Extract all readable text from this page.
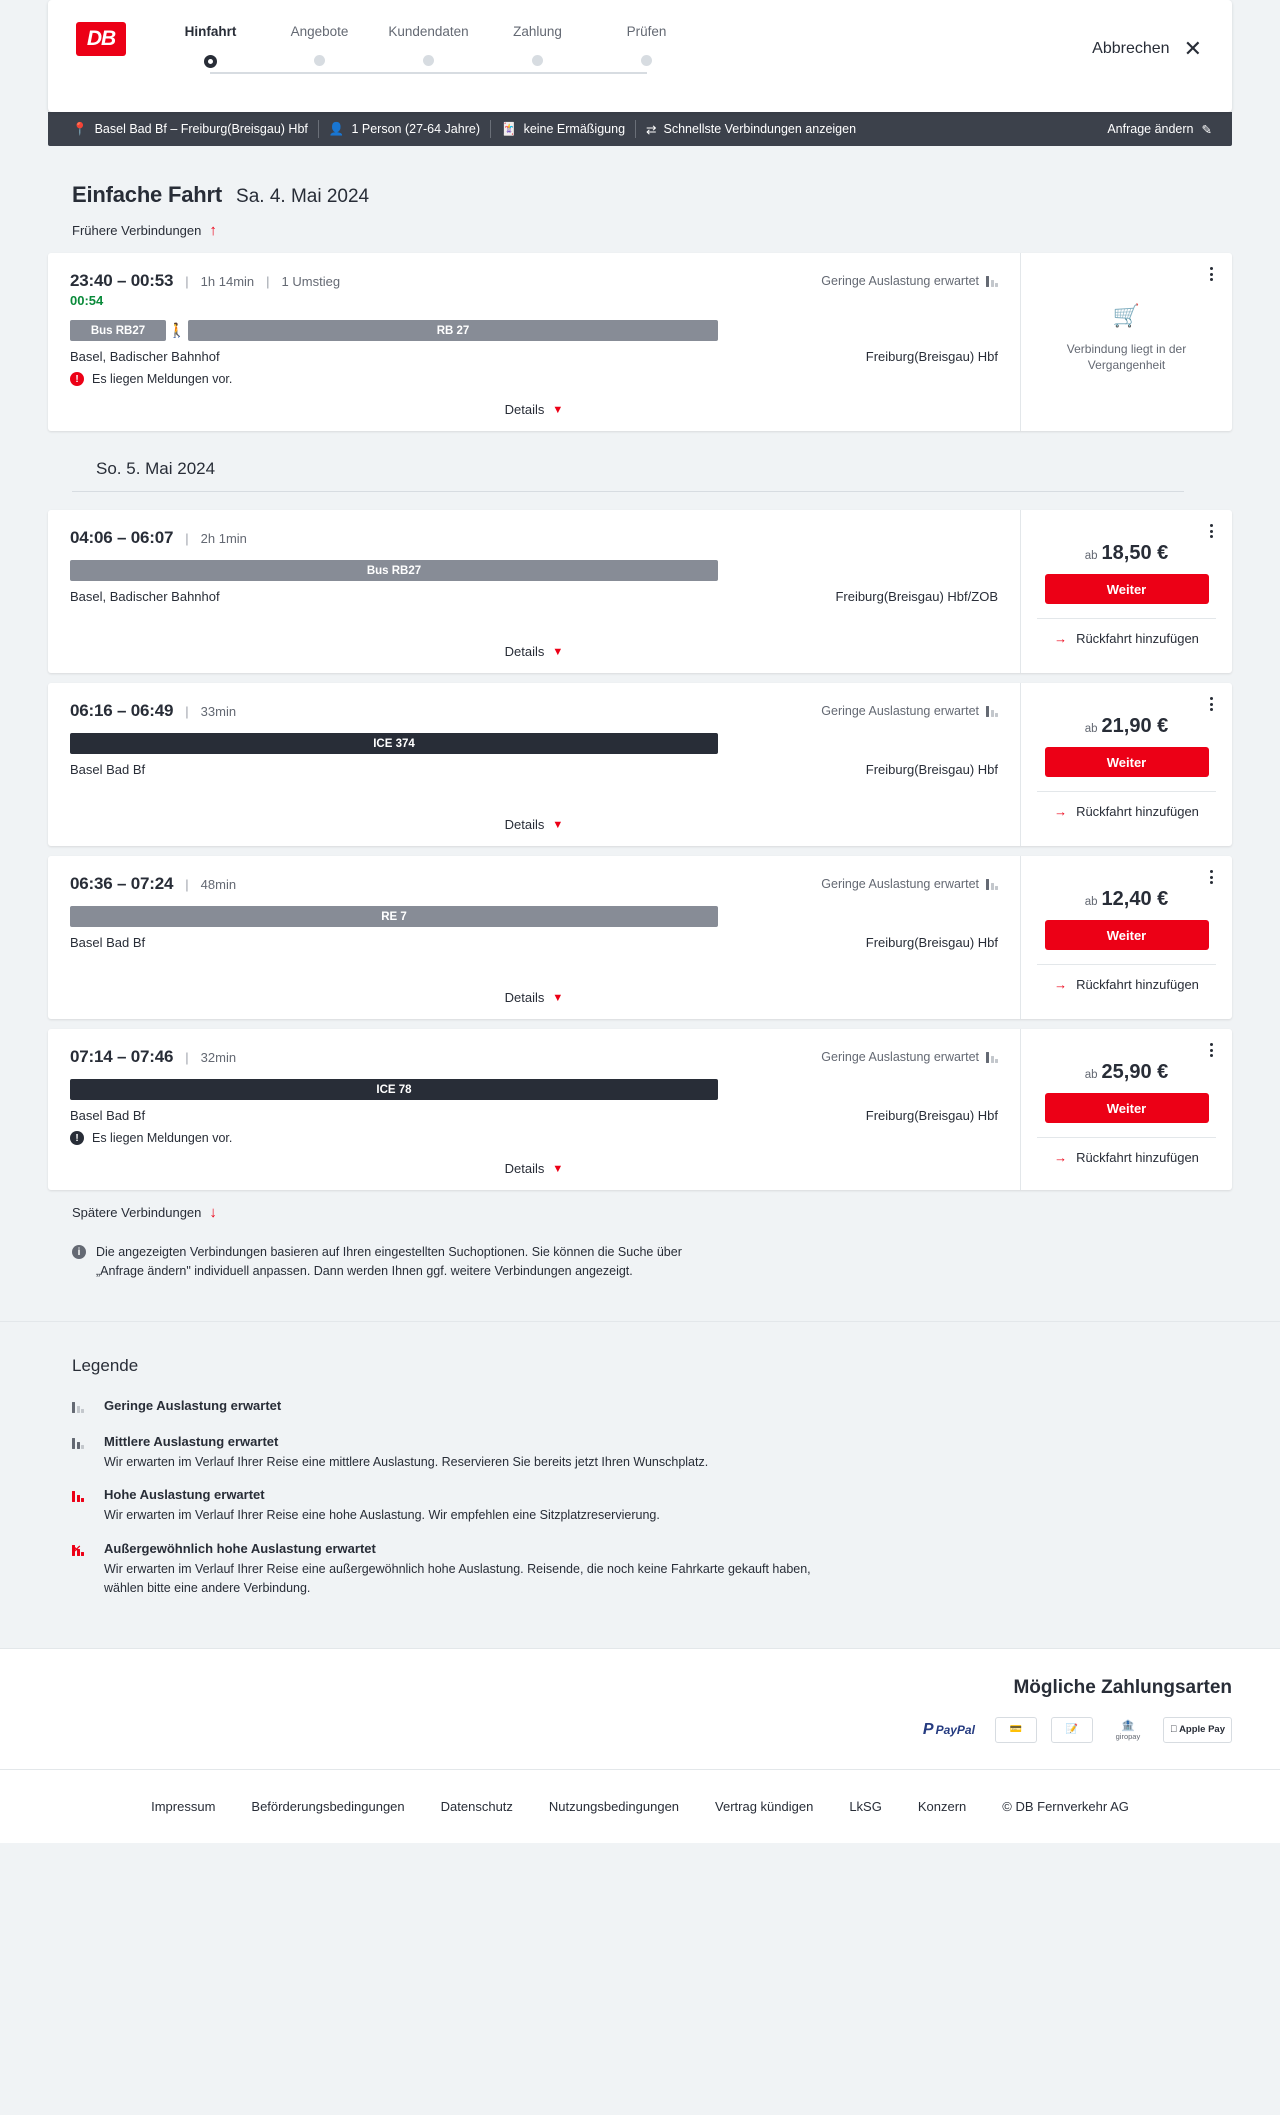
DB	Hinfahrt	Angebote	Kundendaten	Zahlung	Prüfen
Abbrechen ✕
📍 Basel Bad Bf – Freiburg(Breisgau) Hbf 👤 1 Person (27-64 Jahre) 🃏 keine Ermäßigung ⇄ Schnellste Verbindungen anzeigen	Anfrage ändern ✎
Einfache Fahrt Sa. 4. Mai 2024
Frühere Verbindungen ↑
23:40 – 00:53 | 1h 14min | 1 Umstieg	Geringe Auslastung erwartet
00:54
Bus RB27	🚶	RB 27
Basel, Badischer Bahnhof	Freiburg(Breisgau) Hbf
!	Es liegen Meldungen vor.
Details ▼
🛒
Verbindung liegt in der Vergangenheit
So. 5. Mai 2024
04:06 – 06:07 | 2h 1min
Bus RB27
Basel, Badischer Bahnhof	Freiburg(Breisgau) Hbf/ZOB
Details ▼
ab 18,50 €
Weiter
→ Rückfahrt hinzufügen
06:16 – 06:49 | 33min	Geringe Auslastung erwartet
ICE 374
Basel Bad Bf	Freiburg(Breisgau) Hbf
Details ▼
ab 21,90 €
Weiter
→ Rückfahrt hinzufügen
06:36 – 07:24 | 48min	Geringe Auslastung erwartet
RE 7
Basel Bad Bf	Freiburg(Breisgau) Hbf
Details ▼
ab 12,40 €
Weiter
→ Rückfahrt hinzufügen
07:14 – 07:46 | 32min	Geringe Auslastung erwartet
ICE 78
Basel Bad Bf	Freiburg(Breisgau) Hbf
!	Es liegen Meldungen vor.
Details ▼
ab 25,90 €
Weiter
→ Rückfahrt hinzufügen
Spätere Verbindungen ↓
i	Die angezeigten Verbindungen basieren auf Ihren eingestellten Suchoptionen. Sie können die Suche über „Anfrage ändern" individuell anpassen. Dann werden Ihnen ggf. weitere Verbindungen angezeigt.
Legende
Geringe Auslastung erwartet
Mittlere Auslastung erwartet
Wir erwarten im Verlauf Ihrer Reise eine mittlere Auslastung. Reservieren Sie bereits jetzt Ihren Wunschplatz.
Hohe Auslastung erwartet
Wir erwarten im Verlauf Ihrer Reise eine hohe Auslastung. Wir empfehlen eine Sitzplatzreservierung.
✕ Außergewöhnlich hohe Auslastung erwartet
Wir erwarten im Verlauf Ihrer Reise eine außergewöhnlich hohe Auslastung. Reisende, die noch keine Fahrkarte gekauft haben, wählen bitte eine andere Verbindung.
Mögliche Zahlungsarten
P PayPal	💳	📝	🏦
giropay
Apple Pay
Impressum	Beförderungsbedingungen	Datenschutz	Nutzungsbedingungen	Vertrag kündigen	LkSG	Konzern	© DB Fernverkehr AG
